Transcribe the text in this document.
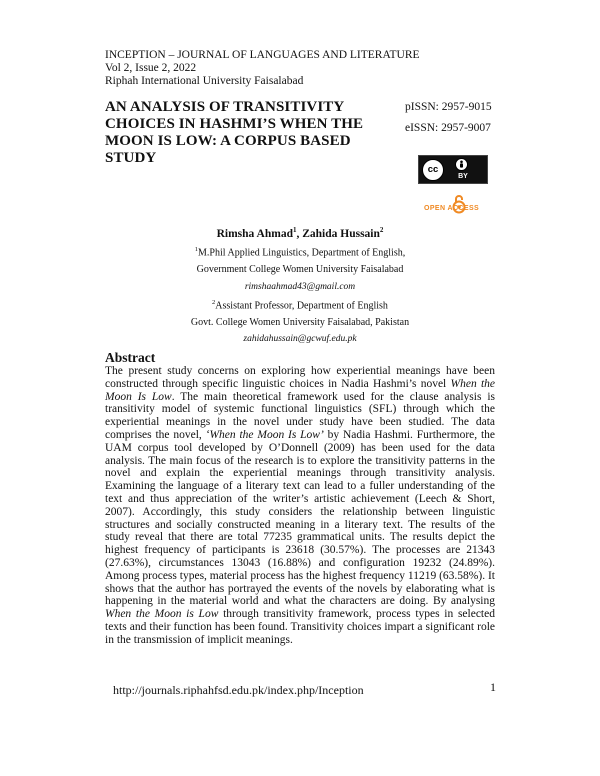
INCEPTION – JOURNAL OF LANGUAGES AND LITERATURE
Vol 2, Issue 2, 2022
Riphah International University Faisalabad
AN ANALYSIS OF TRANSITIVITY CHOICES IN HASHMI’S WHEN THE MOON IS LOW: A CORPUS BASED STUDY
pISSN: 2957-9015
eISSN: 2957-9007
cc
BY
OPEN ACCESS
Rimsha Ahmad$^1$, Zahida Hussain$^2$
$^1$M.Phil Applied Linguistics, Department of English,
Government College Women University Faisalabad
rimshaahmad43@gmail.com
$^2$Assistant Professor, Department of English
Govt. College Women University Faisalabad, Pakistan
zahidahussain@gcwuf.edu.pk
Abstract
The present study concerns on exploring how experiential meanings have been constructed through specific linguistic choices in Nadia Hashmi’s novel When the Moon Is Low. The main theoretical framework used for the clause analysis is transitivity model of systemic functional linguistics (SFL) through which the experiential meanings in the novel under study have been studied. The data comprises the novel, ‘When the Moon Is Low’ by Nadia Hashmi. Furthermore, the UAM corpus tool developed by O’Donnell (2009) has been used for the data analysis. The main focus of the research is to explore the transitivity patterns in the novel and explain the experiential meanings through transitivity analysis. Examining the language of a literary text can lead to a fuller understanding of the text and thus appreciation of the writer’s artistic achievement (Leech & Short, 2007). Accordingly, this study considers the relationship between linguistic structures and socially constructed meaning in a literary text. The results of the study reveal that there are total 77235 grammatical units. The results depict the highest frequency of participants is 23618 (30.57%). The processes are 21343 (27.63%), circumstances 13043 (16.88%) and configuration 19232 (24.89%). Among process types, material process has the highest frequency 11219 (63.58%). It shows that the author has portrayed the events of the novels by elaborating what is happening in the material world and what the characters are doing. By analysing When the Moon is Low through transitivity framework, process types in selected texts and their function has been found. Transitivity choices impart a significant role in the transmission of implicit meanings.
http://journals.riphahfsd.edu.pk/index.php/Inception	1
